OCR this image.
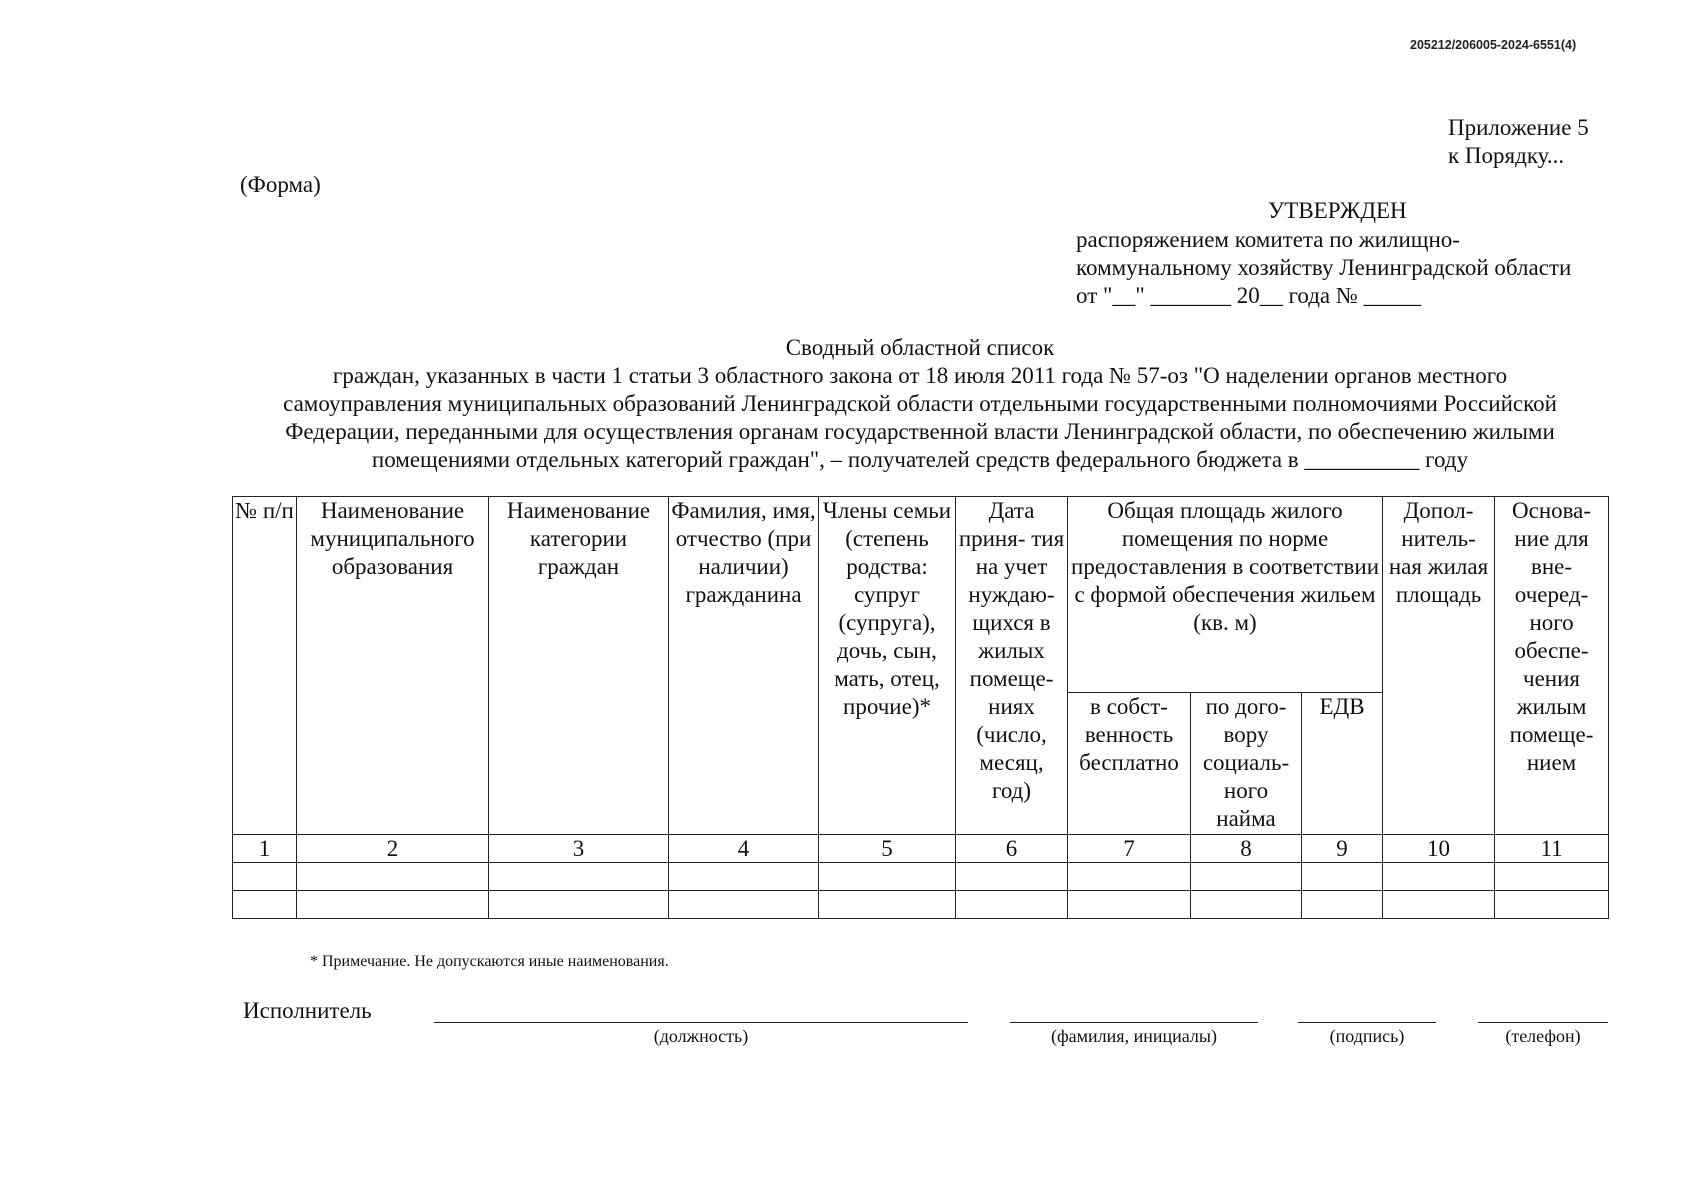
205212/206005-2024-6551(4)
Приложение 5
к Порядку...
(Форма)
УТВЕРЖДЕН
распоряжением комитета по жилищно-
коммунальному хозяйству Ленинградской области
от "__" _______ 20__ года № _____
Сводный областной список
граждан, указанных в части 1 статьи 3 областного закона от 18 июля 2011 года № 57-оз "О наделении органов местного
самоуправления муниципальных образований Ленинградской области отдельными государственными полномочиями Российской
Федерации, переданными для осуществления органам государственной власти Ленинградской области, по обеспечению жилыми
помещениями отдельных категорий граждан", – получателей средств федерального бюджета в __________ году
№ п/п	Наименование муниципального образования	Наименование категории граждан	Фамилия, имя, отчество (при наличии) гражданина	Члены семьи (степень родства: супруг (супруга), дочь, сын, мать, отец, прочие)*	Дата приня- тия на учет нуждаю- щихся в жилых помеще- ниях (число, месяц, год)	Общая площадь жилого помещения по норме предоставления в соответствии с формой обеспечения жильем (кв. м)			Допол- нитель- ная жилая площадь	Основа- ние для вне- очеред- ного обеспе- чения жилым помеще- нием
						в собст- венность бесплатно	по дого- вору социаль- ного найма	ЕДВ		
1	2	3	4	5	6	7	8	9	10	11

* Примечание. Не допускаются иные наименования.
Исполнитель
(должность)	(фамилия, инициалы)	(подпись)	(телефон)
